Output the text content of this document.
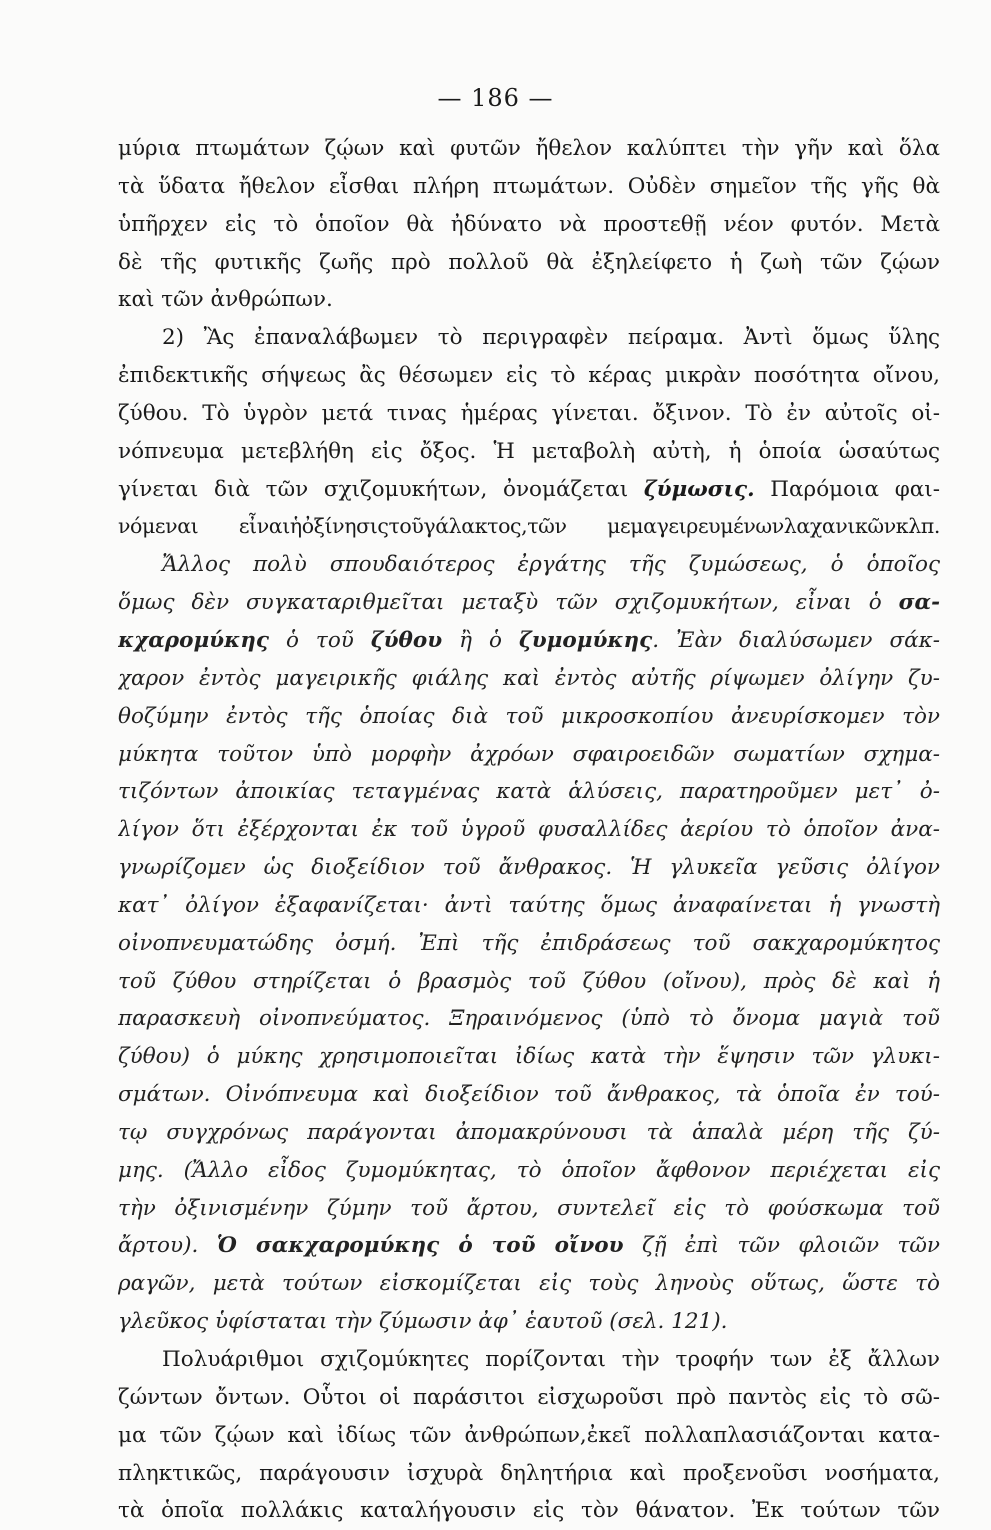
— 186 —
μύρια πτωμάτων ζῴων καὶ φυτῶν ἤθελον καλύπτει τὴν γῆν καὶ ὅλα
τὰ ὕδατα ἤθελον εἶσθαι πλήρη πτωμάτων. Οὐδὲν σημεῖον τῆς γῆς θὰ
ὑπῆρχεν εἰς τὸ ὁποῖον θὰ ἠδύνατο νὰ προστεθῇ νέον φυτόν. Μετὰ
δὲ τῆς φυτικῆς ζωῆς πρὸ πολλοῦ θὰ ἐξηλείφετο ἡ ζωὴ τῶν ζῴων
καὶ τῶν ἀνθρώπων.
2) Ἂς ἐπαναλάβωμεν τὸ περιγραφὲν πείραμα. Ἀντὶ ὅμως ὕλης
ἐπιδεκτικῆς σήψεως ἂς θέσωμεν εἰς τὸ κέρας μικρὰν ποσότητα οἴνου,
ζύθου. Τὸ ὑγρὸν μετά τινας ἡμέρας γίνεται. ὄξινον. Τὸ ἐν αὐτοῖς οἰ-
νόπνευμα μετεβλήθη εἰς ὄξος. Ἡ μεταβολὴ αὐτὴ, ἡ ὁποία ὡσαύτως
γίνεται διὰ τῶν σχιζομυκήτων, ὀνομάζεται ζύμωσις. Παρόμοια φαι-
νόμεναι εἶναιἡὀξίνησιςτοῦγάλακτος,τῶν μεμαγειρευμένωνλαχανικῶνκλπ.
Ἄλλος πολὺ σπουδαιότερος ἐργάτης τῆς ζυμώσεως, ὁ ὁποῖος
ὅμως δὲν συγκαταριθμεῖται μεταξὺ τῶν σχιζομυκήτων, εἶναι ὁ σα-
κχαρομύκης ὁ τοῦ ζύθου ἢ ὁ ζυμομύκης. Ἐὰν διαλύσωμεν σάκ-
χαρον ἐντὸς μαγειρικῆς φιάλης καὶ ἐντὸς αὐτῆς ρίψωμεν ὀλίγην ζυ-
θοζύμην ἐντὸς τῆς ὁποίας διὰ τοῦ μικροσκοπίου ἀνευρίσκομεν τὸν
μύκητα τοῦτον ὑπὸ μορφὴν ἀχρόων σφαιροειδῶν σωματίων σχημα-
τιζόντων ἀποικίας τεταγμένας κατὰ ἁλύσεις, παρατηροῦμεν μετ᾽ ὀ-
λίγον ὅτι ἐξέρχονται ἐκ τοῦ ὑγροῦ φυσαλλίδες ἀερίου τὸ ὁποῖον ἀνα-
γνωρίζομεν ὡς διοξείδιον τοῦ ἄνθρακος. Ἡ γλυκεῖα γεῦσις ὀλίγον
κατ᾽ ὀλίγον ἐξαφανίζεται· ἀντὶ ταύτης ὅμως ἀναφαίνεται ἡ γνωστὴ
οἰνοπνευματώδης ὀσμή. Ἐπὶ τῆς ἐπιδράσεως τοῦ σακχαρομύκητος
τοῦ ζύθου στηρίζεται ὁ βρασμὸς τοῦ ζύθου (οἴνου), πρὸς δὲ καὶ ἡ
παρασκευὴ οἰνοπνεύματος. Ξηραινόμενος (ὑπὸ τὸ ὄνομα μαγιὰ τοῦ
ζύθου) ὁ μύκης χρησιμοποιεῖται ἰδίως κατὰ τὴν ἕψησιν τῶν γλυκι-
σμάτων. Οἰνόπνευμα καὶ διοξείδιον τοῦ ἄνθρακος, τὰ ὁποῖα ἐν τού-
τῳ συγχρόνως παράγονται ἀπομακρύνουσι τὰ ἁπαλὰ μέρη τῆς ζύ-
μης. (Ἄλλο εἶδος ζυμομύκητας, τὸ ὁποῖον ἄφθονον περιέχεται εἰς
τὴν ὀξινισμένην ζύμην τοῦ ἄρτου, συντελεῖ εἰς τὸ φούσκωμα τοῦ
ἄρτου). Ὁ σακχαρομύκης ὁ τοῦ οἴνου ζῇ ἐπὶ τῶν φλοιῶν τῶν
ραγῶν, μετὰ τούτων εἰσκομίζεται εἰς τοὺς ληνοὺς οὕτως, ὥστε τὸ
γλεῦκος ὑφίσταται τὴν ζύμωσιν ἀφ᾽ ἑαυτοῦ (σελ. 121).
Πολυάριθμοι σχιζομύκητες πορίζονται τὴν τροφήν των ἐξ ἄλλων
ζώντων ὄντων. Οὗτοι οἱ παράσιτοι εἰσχωροῦσι πρὸ παντὸς εἰς τὸ σῶ-
μα τῶν ζῴων καὶ ἰδίως τῶν ἀνθρώπων,ἐκεῖ πολλαπλασιάζονται κατα-
πληκτικῶς, παράγουσιν ἰσχυρὰ δηλητήρια καὶ προξενοῦσι νοσήματα,
τὰ ὁποῖα πολλάκις καταλήγουσιν εἰς τὸν θάνατον. Ἐκ τούτων τῶν
